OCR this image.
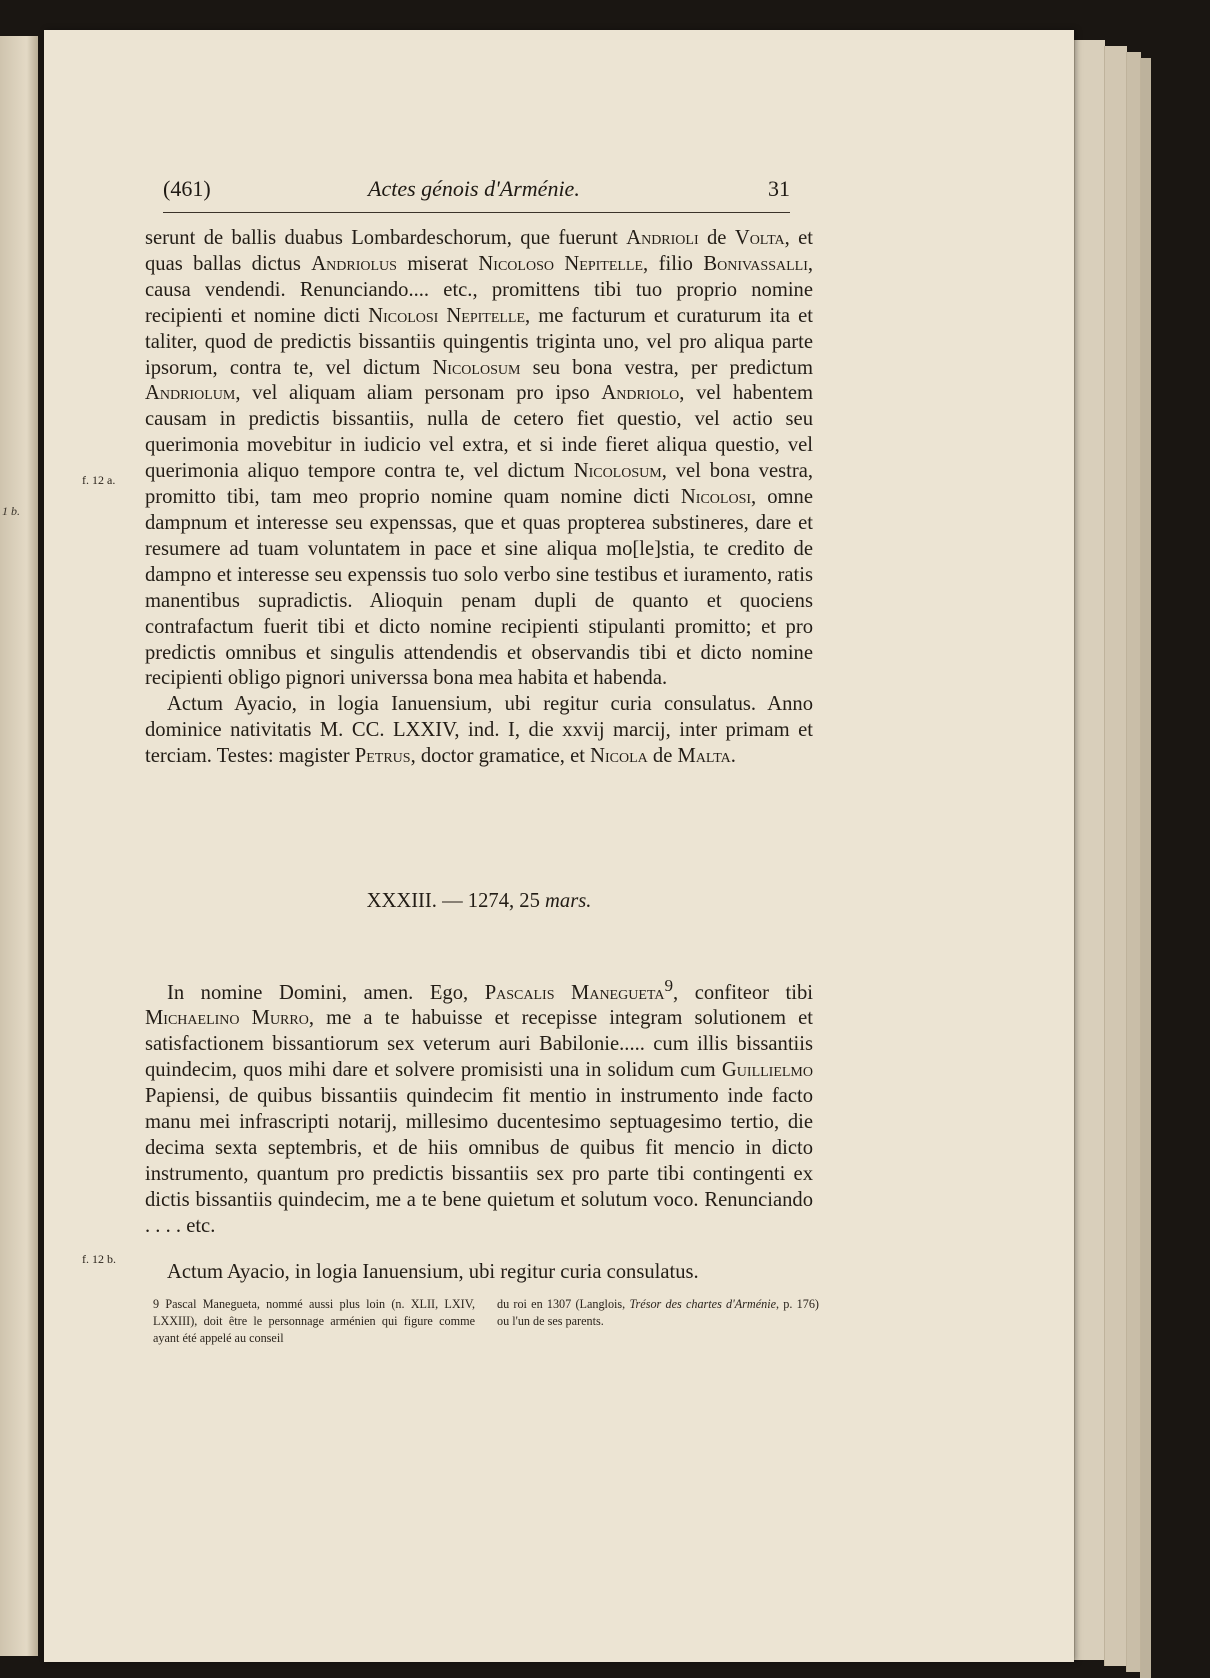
1 b.
(461)	Actes génois d'Arménie.	31

serunt de ballis duabus Lombardeschorum, que fuerunt Andrioli de Volta, et quas ballas dictus Andriolus miserat Nicoloso Nepitelle, filio Bonivassalli, causa vendendi. Renunciando.... etc., promittens tibi tuo proprio nomine recipienti et nomine dicti Nicolosi Nepitelle, me facturum et curaturum ita et taliter, quod de predictis bissantiis quingentis triginta uno, vel pro aliqua parte ipsorum, contra te, vel dictum Nicolosum seu bona vestra, per predictum Andriolum, vel aliquam aliam personam pro ipso Andriolo, vel habentem causam in predictis bissantiis, nulla de cetero fiet questio, vel actio seu querimonia movebitur in iudicio vel extra, et si inde fieret aliqua questio, vel querimonia aliquo tempore contra te, vel dictum Nicolosum, vel bona vestra, promitto tibi, tam meo proprio nomine quam nomine dicti Nicolosi, omne dampnum et interesse seu expenssas, que et quas propterea substineres, dare et resumere ad tuam voluntatem in pace et sine aliqua mo[le]stia, te credito de dampno et interesse seu expenssis tuo solo verbo sine testibus et iuramento, ratis manentibus supradictis. Alioquin penam dupli de quanto et quociens contrafactum fuerit tibi et dicto nomine recipienti stipulanti promitto; et pro predictis omnibus et singulis attendendis et observandis tibi et dicto nomine recipienti obligo pignori universsa bona mea habita et habenda.

Actum Ayacio, in logia Ianuensium, ubi regitur curia consulatus. Anno dominice nativitatis M. CC. LXXIV, ind. I, die xxvij marcij, inter primam et terciam. Testes: magister Petrus, doctor gramatice, et Nicola de Malta.

f. 12 a.
XXXIII. — 1274, 25 mars.

In nomine Domini, amen. Ego, Pascalis Manegueta$^9$, confiteor tibi Michaelino Murro, me a te habuisse et recepisse integram solutionem et satisfactionem bissantiorum sex veterum auri Babilonie..... cum illis bissantiis quindecim, quos mihi dare et solvere promisisti una in solidum cum Guillielmo Papiensi, de quibus bissantiis quindecim fit mentio in instrumento inde facto manu mei infrascripti notarij, millesimo ducentesimo septuagesimo tertio, die decima sexta septembris, et de hiis omnibus de quibus fit mencio in dicto instrumento, quantum pro predictis bissantiis sex pro parte tibi contingenti ex dictis bissantiis quindecim, me a te bene quietum et solutum voco. Renunciando . . . . etc.

Actum Ayacio, in logia Ianuensium, ubi regitur curia consulatus.

f. 12 b.
9 Pascal Manegueta, nommé aussi plus loin (n. XLII, LXIV, LXXIII), doit être le personnage arménien qui figure comme ayant été appelé au conseil
du roi en 1307 (Langlois, Trésor des chartes d'Arménie, p. 176) ou l'un de ses parents.
